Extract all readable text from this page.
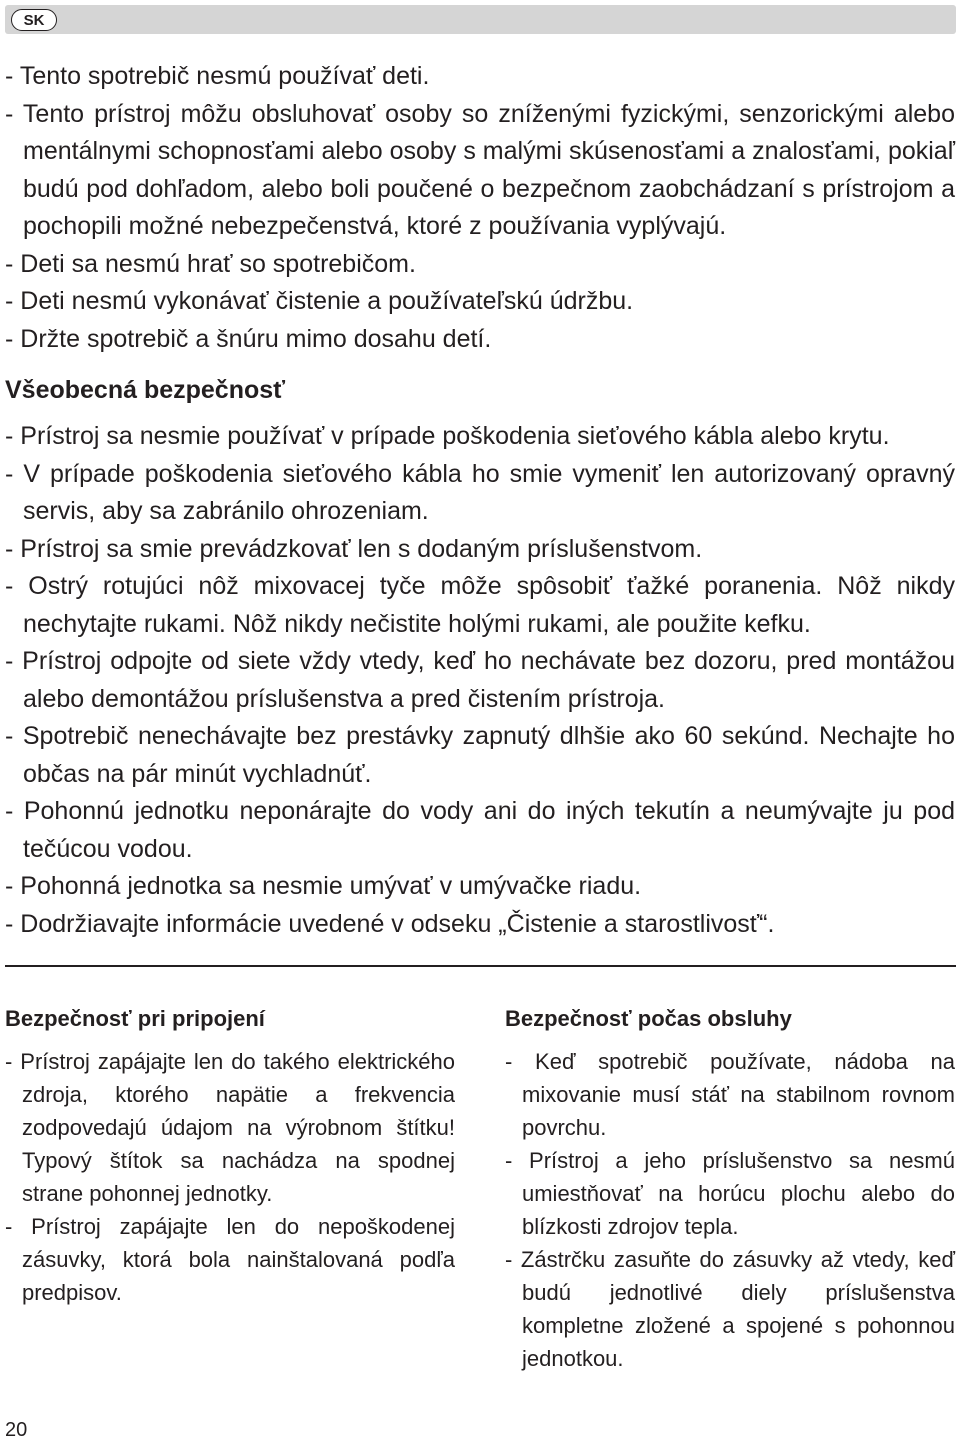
SK
- Tento spotrebič nesmú používať deti.
- Tento prístroj môžu obsluhovať osoby so zníženými fyzickými, senzorickými alebo mentálnymi schopnosťami alebo osoby s malými skúsenosťami a znalosťami, pokiaľ budú pod dohľadom, alebo boli poučené o bezpečnom zaobchádzaní s prístrojom a pochopili možné nebezpečenstvá, ktoré z používania vyplývajú.
- Deti sa nesmú hrať so spotrebičom.
- Deti nesmú vykonávať čistenie a používateľskú údržbu.
- Držte spotrebič a šnúru mimo dosahu detí.
Všeobecná bezpečnosť
- Prístroj sa nesmie používať v prípade poškodenia sieťového kábla alebo krytu.
- V prípade poškodenia sieťového kábla ho smie vymeniť len autorizovaný opravný servis, aby sa zabránilo ohrozeniam.
- Prístroj sa smie prevádzkovať len s dodaným príslušenstvom.
- Ostrý rotujúci nôž mixovacej tyče môže spôsobiť ťažké poranenia. Nôž nikdy nechytajte rukami. Nôž nikdy nečistite holými rukami, ale použite kefku.
- Prístroj odpojte od siete vždy vtedy, keď ho nechávate bez dozoru, pred montážou alebo demontážou príslušenstva a pred čistením prístroja.
- Spotrebič nenechávajte bez prestávky zapnutý dlhšie ako 60 sekúnd. Nechajte ho občas na pár minút vychladnúť.
- Pohonnú jednotku neponárajte do vody ani do iných tekutín a neumývajte ju pod tečúcou vodou.
- Pohonná jednotka sa nesmie umývať v umývačke riadu.
- Dodržiavajte informácie uvedené v odseku „Čistenie a starostlivosť“.
Bezpečnosť pri pripojení
- Prístroj zapájajte len do takého elektrického zdroja, ktorého napätie a frekvencia zodpovedajú údajom na výrobnom štítku! Typový štítok sa nachádza na spodnej strane pohonnej jednotky.
- Prístroj zapájajte len do nepoškodenej zásuvky, ktorá bola nainštalovaná podľa predpisov.
Bezpečnosť počas obsluhy
- Keď spotrebič používate, nádoba na mixovanie musí stáť na stabilnom rovnom povrchu.
- Prístroj a jeho príslušenstvo sa nesmú umiestňovať na horúcu plochu alebo do blízkosti zdrojov tepla.
- Zástrčku zasuňte do zásuvky až vtedy, keď budú jednotlivé diely príslušenstva kompletne zložené a spojené s pohonnou jednotkou.
20
